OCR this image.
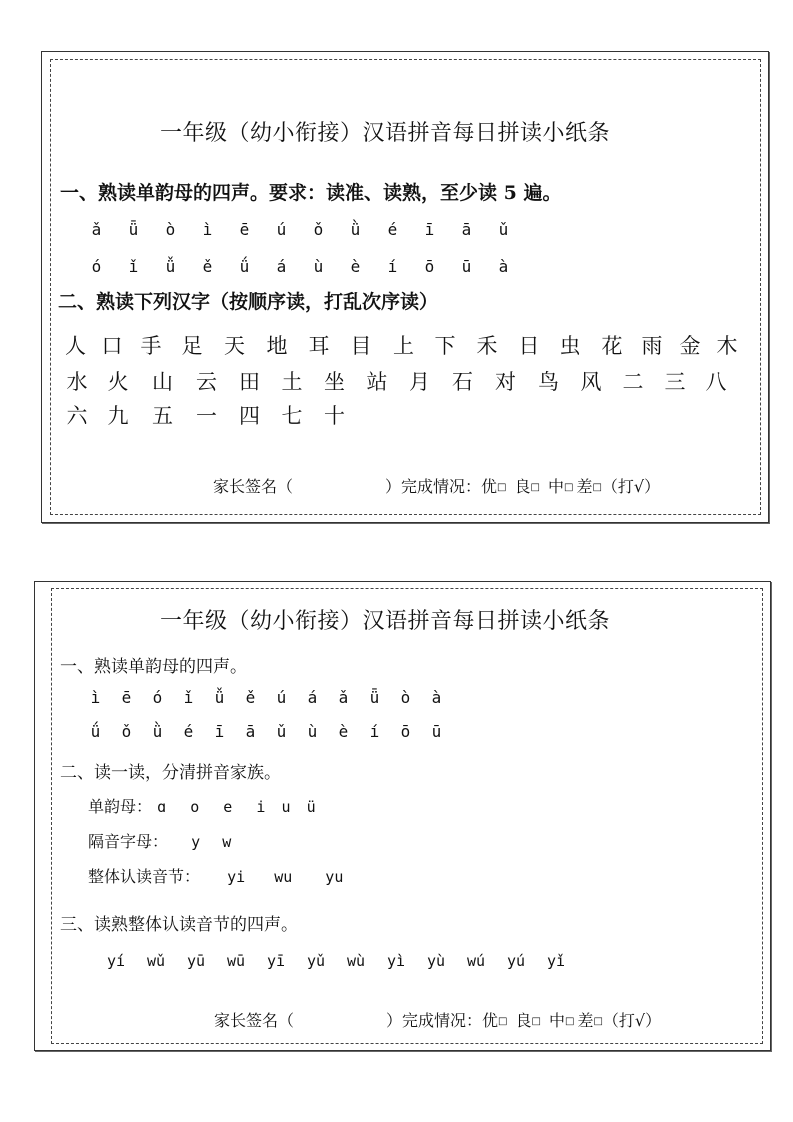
一年级（幼小衔接）汉语拼音每日拼读小纸条
一、熟读单韵母的四声。要求：读准、读熟，至少读 5 遍。
ǎ	ǖ	ò	ì	ē	ú	ǒ	ǜ	é	ī	ā	ǔ
ó	ǐ	ǚ	ě	ǘ	á	ù	è	í	ō	ū	à
二、熟读下列汉字（按顺序读，打乱次序读）
人 口 手 足	天	地	耳	目	上 下	禾	日 虫	花 雨 金 木
水 火	山	云	田	土	坐	站	月	石	对	鸟	风	二	三 八
六 九	五	一	四	七	十
家长签名（	）完成情况：优□ 良□ 中□ 差□（打√）
一年级（幼小衔接）汉语拼音每日拼读小纸条
一、熟读单韵母的四声。
ì	ē	ó	ǐ	ǚ	ě	ú	á	ǎ	ǖ	ò	à
ǘ	ǒ	ǜ	é	ī	ā	ǔ	ù	è	í	ō	ū
二、读一读，分清拼音家族。
单韵母： ɑ o e i u ü
隔音字母： y w
整体认读音节： yi wu yu
三、读熟整体认读音节的四声。
yí	wǔ	yū	wū	yī	yǔ	wù	yì	yù	wú	yú	yǐ
家长签名（	）完成情况：优□ 良□ 中□ 差□（打√）
